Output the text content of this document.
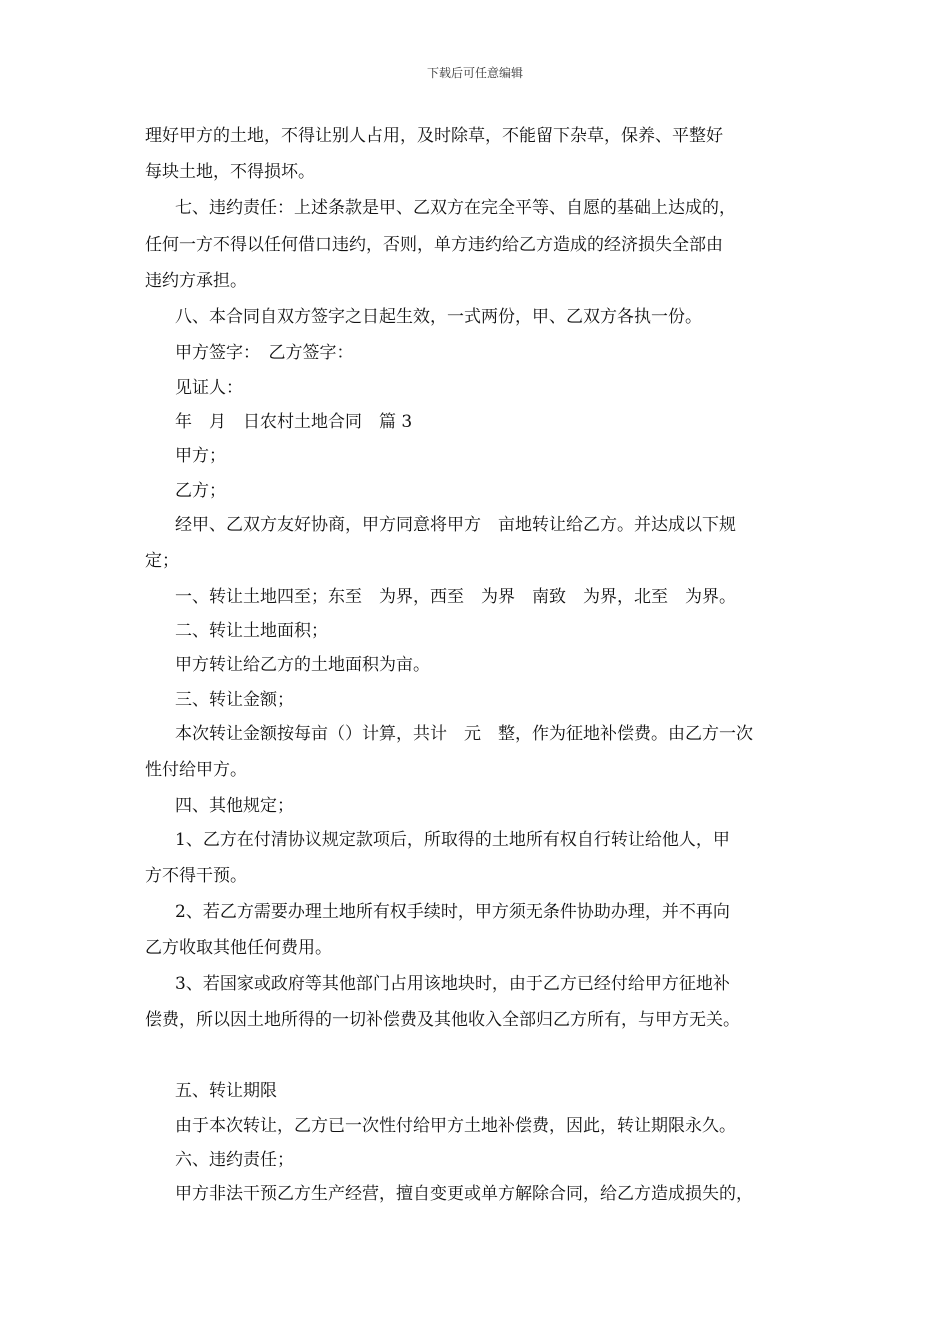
下载后可任意编辑
理好甲方的土地，不得让别人占用，及时除草，不能留下杂草，保养、平整好
每块土地，不得损坏。
七、违约责任：上述条款是甲、乙双方在完全平等、自愿的基础上达成的，
任何一方不得以任何借口违约，否则，单方违约给乙方造成的经济损失全部由
违约方承担。
八、本合同自双方签字之日起生效，一式两份，甲、乙双方各执一份。
甲方签字：　乙方签字：
见证人：
年　月　日农村土地合同　篇 3
甲方；
乙方；
经甲、乙双方友好协商，甲方同意将甲方　亩地转让给乙方。并达成以下规
定；
一、转让土地四至；东至　为界，西至　为界　南致　为界，北至　为界。
二、转让土地面积；
甲方转让给乙方的土地面积为亩。
三、转让金额；
本次转让金额按每亩（）计算，共计　元　整，作为征地补偿费。由乙方一次
性付给甲方。
四、其他规定；
1、乙方在付清协议规定款项后，所取得的土地所有权自行转让给他人，甲
方不得干预。
2、若乙方需要办理土地所有权手续时，甲方须无条件协助办理，并不再向
乙方收取其他任何费用。
3、若国家或政府等其他部门占用该地块时，由于乙方已经付给甲方征地补
偿费，所以因土地所得的一切补偿费及其他收入全部归乙方所有，与甲方无关。
五、转让期限
由于本次转让，乙方已一次性付给甲方土地补偿费，因此，转让期限永久。
六、违约责任；
甲方非法干预乙方生产经营，擅自变更或单方解除合同，给乙方造成损失的，
